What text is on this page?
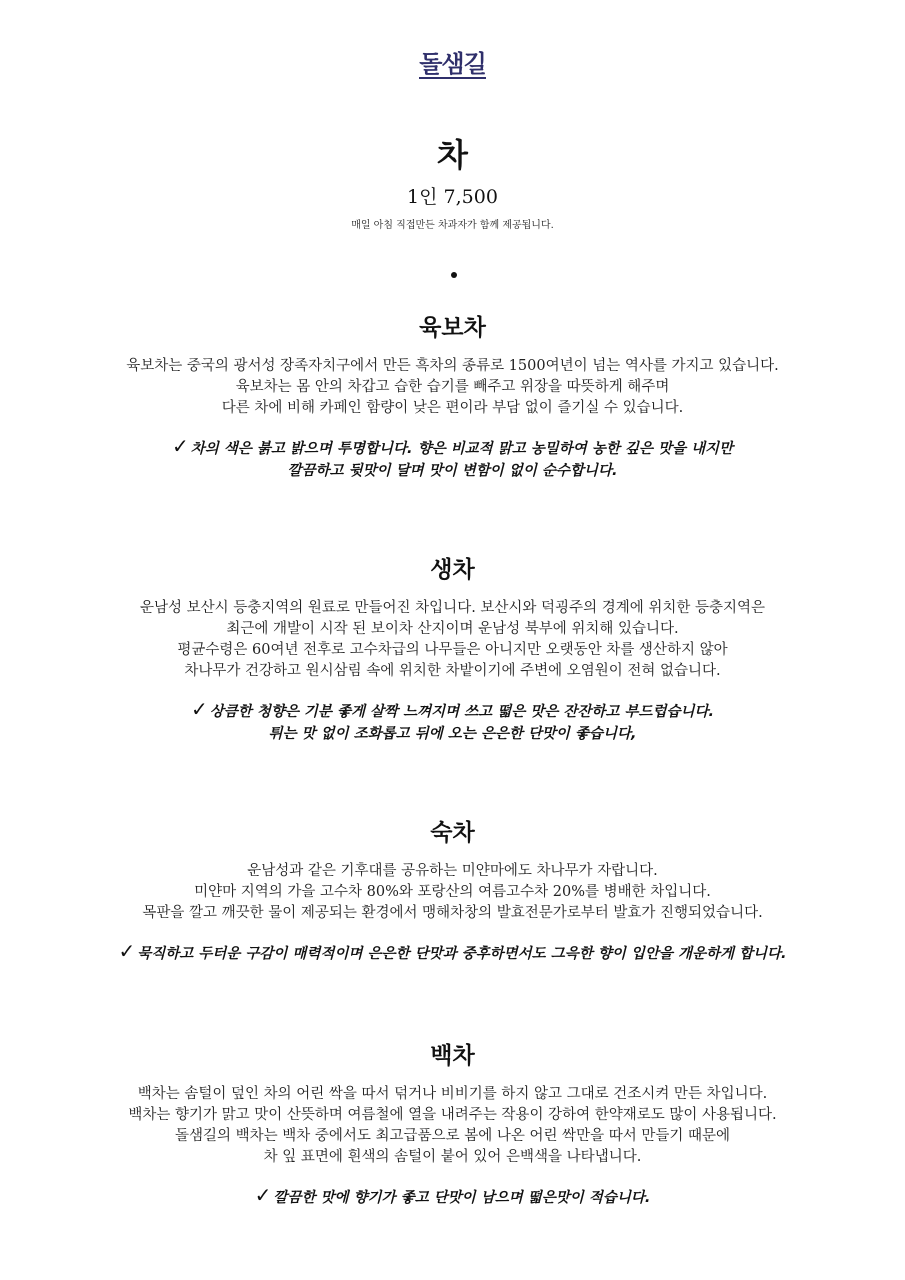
돌샘길
차
1인 7,500
매일 아침 직접만든 차과자가 함께 제공됩니다.
육보차
육보차는 중국의 광서성 장족자치구에서 만든 흑차의 종류로 1500여년이 넘는 역사를 가지고 있습니다.
육보차는 몸 안의 차갑고 습한 습기를 빼주고 위장을 따뜻하게 해주며
다른 차에 비해 카페인 함량이 낮은 편이라 부담 없이 즐기실 수 있습니다.
✓ 차의 색은 붉고 밝으며 투명합니다. 향은 비교적 맑고 농밀하여 농한 깊은 맛을 내지만
깔끔하고 뒷맛이 달며 맛이 변함이 없이 순수합니다.
생차
운남성 보산시 등충지역의 원료로 만들어진 차입니다. 보산시와 덕굉주의 경계에 위치한 등충지역은
최근에 개발이 시작 된 보이차 산지이며 운남성 북부에 위치해 있습니다.
평균수령은 60여년 전후로 고수차급의 나무들은 아니지만 오랫동안 차를 생산하지 않아
차나무가 건강하고 원시삼림 속에 위치한 차밭이기에 주변에 오염원이 전혀 없습니다.
✓ 상큼한 청향은 기분 좋게 살짝 느껴지며 쓰고 떫은 맛은 잔잔하고 부드럽습니다.
튀는 맛 없이 조화롭고 뒤에 오는 은은한 단맛이 좋습니다,
숙차
운남성과 같은 기후대를 공유하는 미얀마에도 차나무가 자랍니다.
미얀마 지역의 가을 고수차 80%와 포랑산의 여름고수차 20%를 병배한 차입니다.
목판을 깔고 깨끗한 물이 제공되는 환경에서 맹해차창의 발효전문가로부터 발효가 진행되었습니다.
✓ 묵직하고 두터운 구감이 매력적이며 은은한 단맛과 중후하면서도 그윽한 향이 입안을 개운하게 합니다.
백차
백차는 솜털이 덮인 차의 어린 싹을 따서 덖거나 비비기를 하지 않고 그대로 건조시켜 만든 차입니다.
백차는 향기가 맑고 맛이 산뜻하며 여름철에 열을 내려주는 작용이 강하여 한약재로도 많이 사용됩니다.
돌샘길의 백차는 백차 중에서도 최고급품으로 봄에 나온 어린 싹만을 따서 만들기 때문에
차 잎 표면에 흰색의 솜털이 붙어 있어 은백색을 나타냅니다.
✓ 깔끔한 맛에 향기가 좋고 단맛이 남으며 떫은맛이 적습니다.
